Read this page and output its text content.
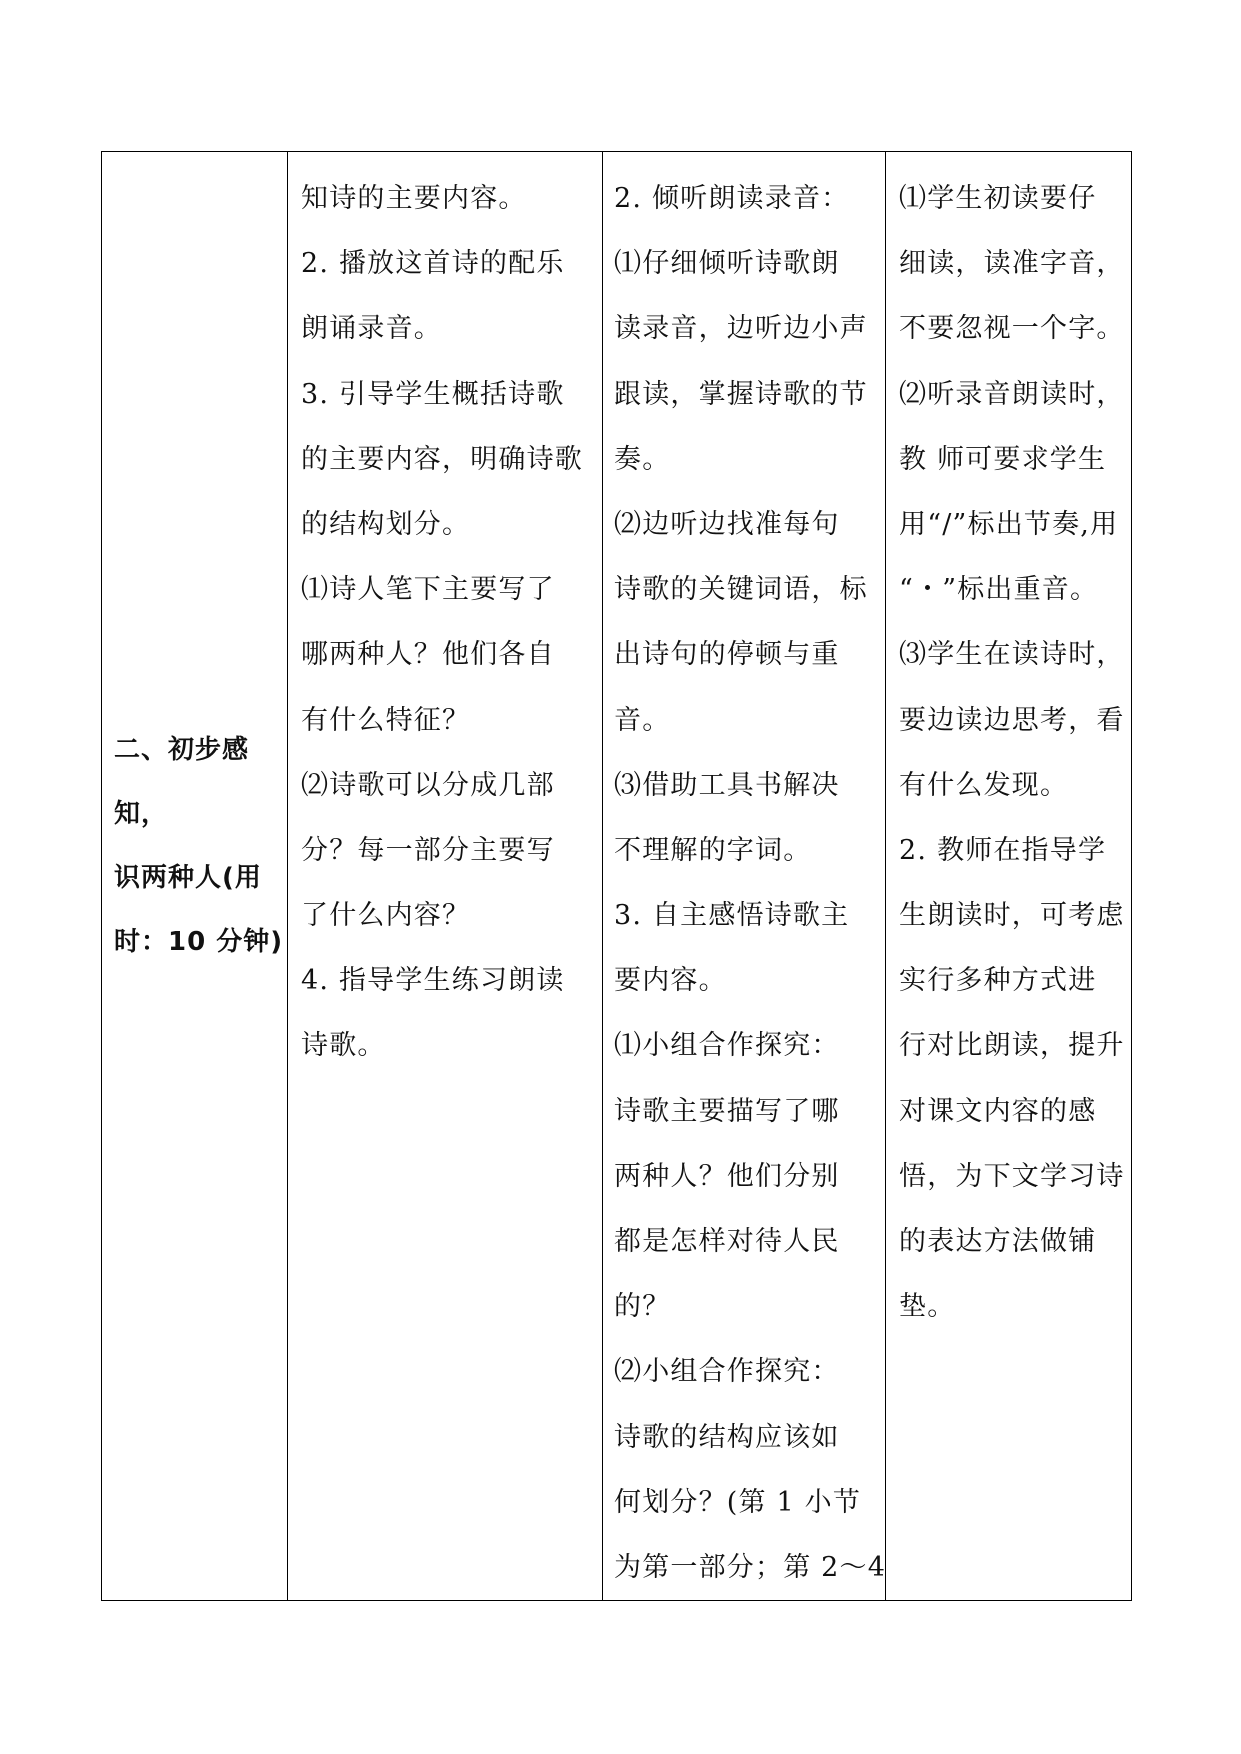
二、初步感知，
识两种人(用
时：10 分钟)

知诗的主要内容。
2. 播放这首诗的配乐
朗诵录音。
3. 引导学生概括诗歌
的主要内容，明确诗歌
的结构划分。
⑴诗人笔下主要写了
哪两种人？他们各自
有什么特征？
⑵诗歌可以分成几部
分？每一部分主要写
了什么内容？
4. 指导学生练习朗读
诗歌。

2. 倾听朗读录音：
⑴仔细倾听诗歌朗
读录音，边听边小声
跟读，掌握诗歌的节
奏。
⑵边听边找准每句
诗歌的关键词语，标
出诗句的停顿与重
音。
⑶借助工具书解决
不理解的字词。
3. 自主感悟诗歌主
要内容。
⑴小组合作探究：
诗歌主要描写了哪
两种人？他们分别
都是怎样对待人民
的？
⑵小组合作探究：
诗歌的结构应该如
何划分？(第 1 小节
为第一部分；第 2～4

⑴学生初读要仔
细读，读准字音，
不要忽视一个字。
⑵听录音朗读时，
教 师可要求学生
用“/”标出节奏,用
“・”标出重音。
⑶学生在读诗时，
要边读边思考，看
有什么发现。
2. 教师在指导学
生朗读时，可考虑
实行多种方式进
行对比朗读，提升
对课文内容的感
悟，为下文学习诗
的表达方法做铺
垫。
